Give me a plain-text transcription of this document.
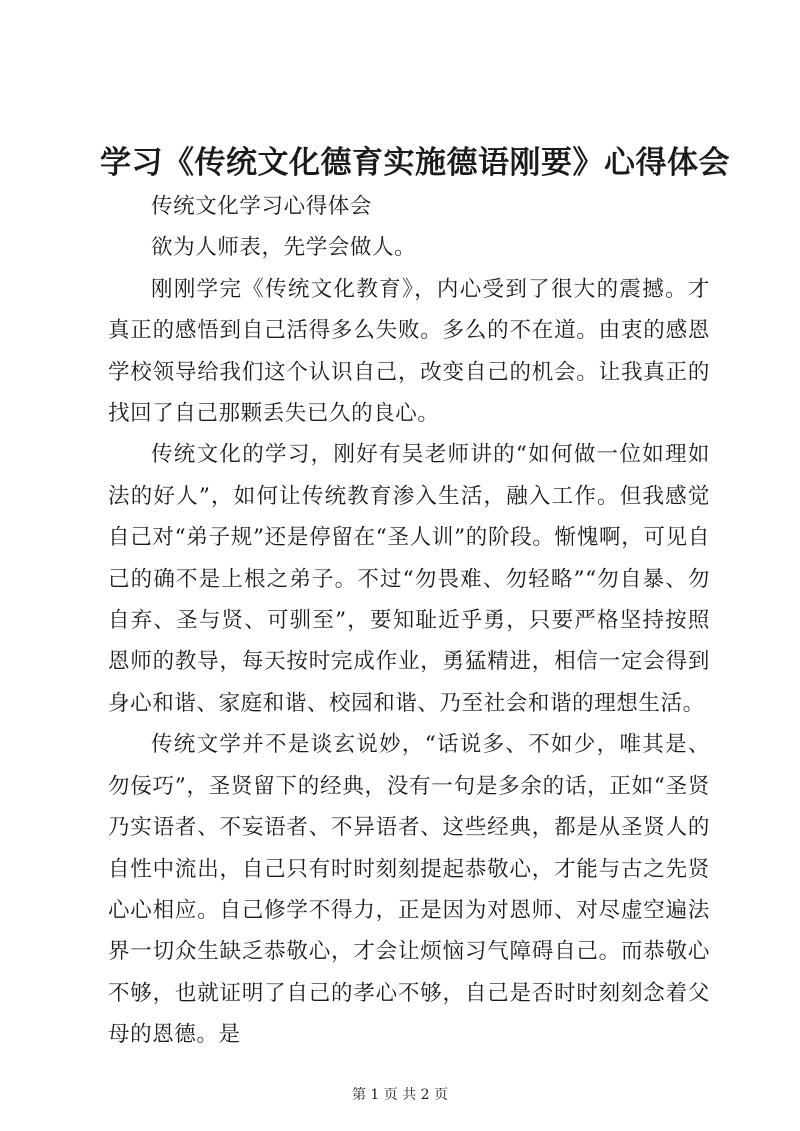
学习《传统文化德育实施德语刚要》心得体会

传统文化学习心得体会

欲为人师表，先学会做人。

刚刚学完《传统文化教育》，内心受到了很大的震撼。才真正的感悟到自己活得多么失败。多么的不在道。由衷的感恩学校领导给我们这个认识自己，改变自己的机会。让我真正的找回了自己那颗丢失已久的良心。

传统文化的学习，刚好有吴老师讲的“如何做一位如理如法的好人”，如何让传统教育渗入生活，融入工作。但我感觉自己对“弟子规”还是停留在“圣人训”的阶段。惭愧啊，可见自己的确不是上根之弟子。不过“勿畏难、勿轻略”“勿自暴、勿自弃、圣与贤、可驯至”，要知耻近乎勇，只要严格坚持按照恩师的教导，每天按时完成作业，勇猛精进，相信一定会得到身心和谐、家庭和谐、校园和谐、乃至社会和谐的理想生活。

传统文学并不是谈玄说妙，“话说多、不如少，唯其是、勿佞巧”，圣贤留下的经典，没有一句是多余的话，正如“圣贤乃实语者、不妄语者、不异语者、这些经典，都是从圣贤人的自性中流出，自己只有时时刻刻提起恭敬心，才能与古之先贤心心相应。自己修学不得力，正是因为对恩师、对尽虚空遍法界一切众生缺乏恭敬心，才会让烦恼习气障碍自己。而恭敬心不够，也就证明了自己的孝心不够，自己是否时时刻刻念着父母的恩德。是

第 1 页 共 2 页
